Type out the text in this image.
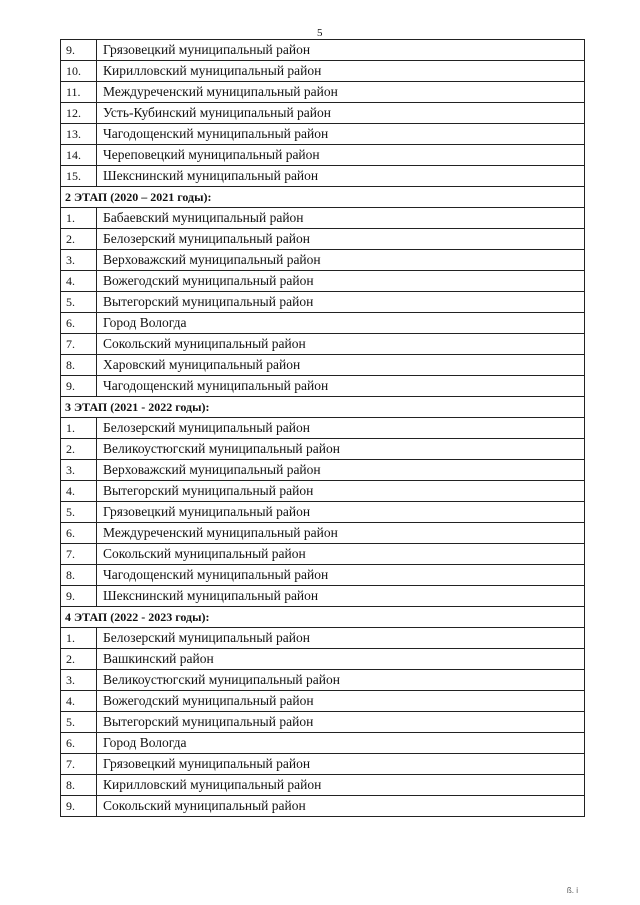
5
9.	Грязовецкий муниципальный район
10.	Кирилловский муниципальный район
11.	Междуреченский муниципальный район
12.	Усть-Кубинский муниципальный район
13.	Чагодощенский муниципальный район
14.	Череповецкий муниципальный район
15.	Шекснинский муниципальный район
2 ЭТАП (2020 – 2021 годы):	
1.	Бабаевский муниципальный район
2.	Белозерский муниципальный район
3.	Верховажский муниципальный район
4.	Вожегодский муниципальный район
5.	Вытегорский муниципальный район
6.	Город Вологда
7.	Сокольский муниципальный район
8.	Харовский муниципальный район
9.	Чагодощенский муниципальный район
3 ЭТАП (2021 - 2022 годы):	
1.	Белозерский муниципальный район
2.	Великоустюгский муниципальный район
3.	Верховажский муниципальный район
4.	Вытегорский муниципальный район
5.	Грязовецкий муниципальный район
6.	Междуреченский муниципальный район
7.	Сокольский муниципальный район
8.	Чагодощенский муниципальный район
9.	Шекснинский муниципальный район
4 ЭТАП (2022 - 2023 годы):	
1.	Белозерский муниципальный район
2.	Вашкинский район
3.	Великоустюгский муниципальный район
4.	Вожегодский муниципальный район
5.	Вытегорский муниципальный район
6.	Город Вологда
7.	Грязовецкий муниципальный район
8.	Кирилловский муниципальный район
9.	Сокольский муниципальный район
ß. i
